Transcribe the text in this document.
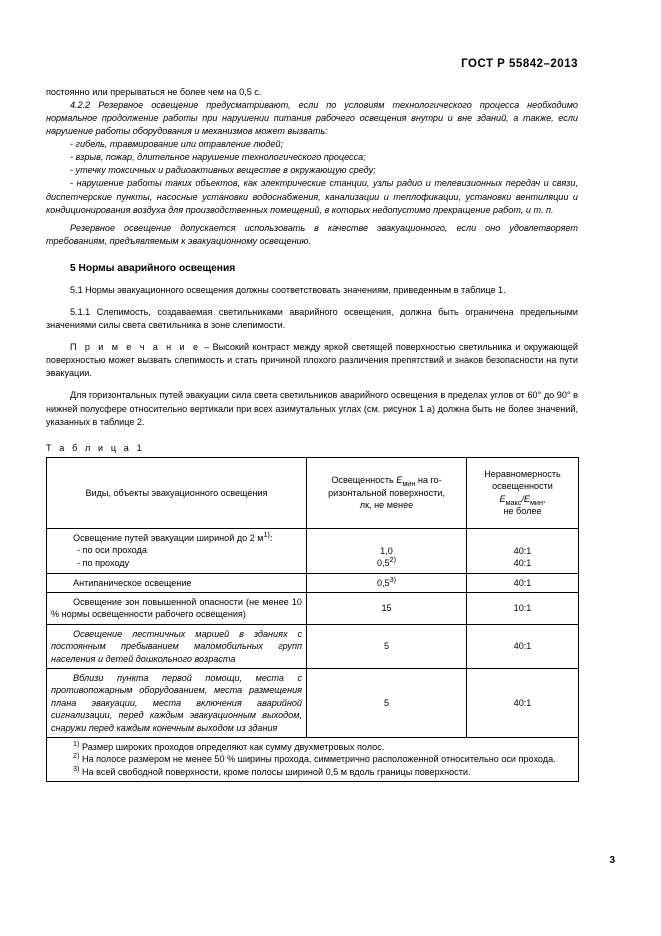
ГОСТ Р 55842–2013

постоянно или прерываться не более чем на 0,5 с.

4.2.2 Резервное освещение предусматривают, если по условиям технологического процесса необходимо нормальное продолжение работы при нарушении питания рабочего освещения внутри и вне зданий, а также, если нарушение работы оборудования и механизмов может вызвать:

- гибель, травмирование или отравление людей;

- взрыв, пожар, длительное нарушение технологического процесса;

- утечку токсичных и радиоактивных веществе в окружающую среду;

- нарушение работы таких объектов, как электрические станции, узлы радио и телевизионных передач и связи, диспетчерские пункты, насосные установки водоснабжения, канализации и теплофикации, установки вентиляции и кондиционирования воздуха для производственных помещений, в которых недопустимо прекращение работ, и т. п.

Резервное освещение допускается использовать в качестве эвакуационного, если оно удовлетворяет требованиям, предъявляемым к эвакуационному освещению.

5 Нормы аварийного освещения

5.1 Нормы эвакуационного освещения должны соответствовать значениям, приведенным в таблице 1.

5.1.1 Слепимость, создаваемая светильниками аварийного освещения, должна быть ограничена предельными значениями силы света светильника в зоне слепимости.

П р и м е ч а н и е – Высокий контраст между яркой светящей поверхностью светильника и окружающей поверхностью может вызвать слепимость и стать причиной плохого различения препятствий и знаков безопасности на пути эвакуации.

Для горизонтальных путей эвакуации сила света светильников аварийного освещения в пределах углов от 60° до 90° в нижней полусфере относительно вертикали при всех азимутальных углах (см. рисунок 1 а) должна быть не более значений, указанных в таблице 2.

Т а б л и ц а 1
Виды, объекты эвакуационного освещения	Освещенность $E_{мин}$ на го-
ризонтальной поверхности,
лк, не менее	Неравномерность
освещенности
$E_{макс}/E_{мин}$,
не более

Освещение путей эвакуации шириной до 2 $м^{1)}$:
- по оси прохода
- по проходу	1,0
0,5$^{2)}$	40:1
40:1

Антипаническое освещение	0,5$^{3)}$	40:1

Освещение зон повышенной опасности (не менее 10 % нормы освещенности рабочего освещения)	15	10:1

Освещение лестничных маршей в зданиях с постоянным пребыванием маломобильных групп населения и детей дошкольного возраста	5	40:1

Вблизи пункта первой помощи, места с противопожарным оборудованием, места размещения плана эвакуации, места включения аварийной сигнализации, перед каждым эвакуационным выходом, снаружи перед каждым конечным выходом из здания	5	40:1

$^{1)}$ Размер широких проходов определяют как сумму двухметровых полос.
$^{2)}$ На полосе размером не менее 50 % ширины прохода, симметрично расположенной относительно оси прохода.
$^{3)}$ На всей свободной поверхности, кроме полосы шириной 0,5 м вдоль границы поверхности.		
3
